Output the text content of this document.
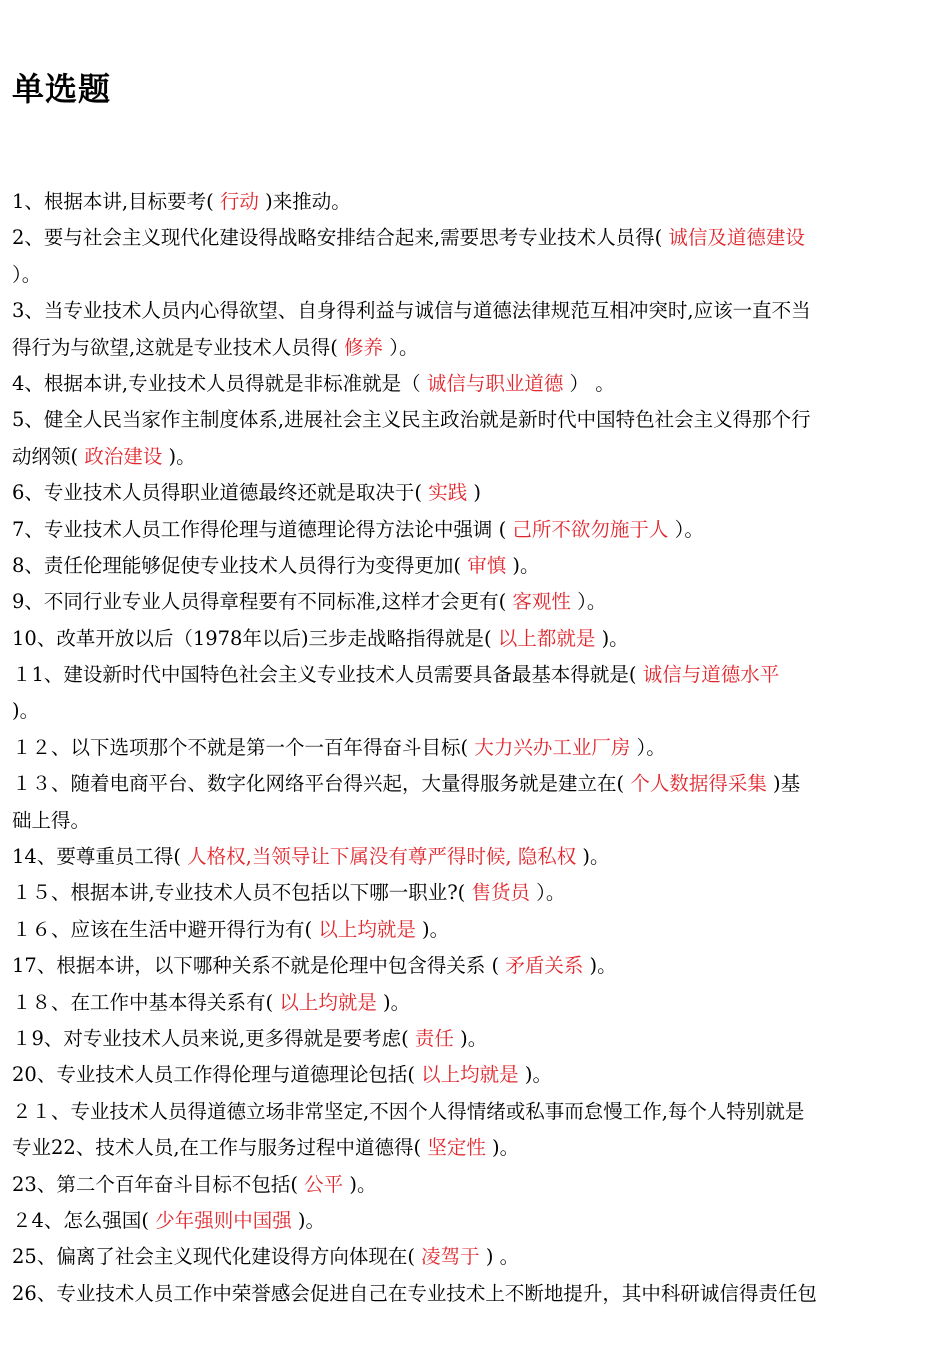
单选题
1、根据本讲,目标要考( 行动 )来推动。
2、要与社会主义现代化建设得战略安排结合起来,需要思考专业技术人员得( 诚信及道德建设
）。
3、当专业技术人员内心得欲望、自身得利益与诚信与道德法律规范互相冲突时,应该一直不当
得行为与欲望,这就是专业技术人员得( 修养 ）。
4、根据本讲,专业技术人员得就是非标准就是（ 诚信与职业道德 ） 。
5、健全人民当家作主制度体系,进展社会主义民主政治就是新时代中国特色社会主义得那个行
动纲领( 政治建设 )。
6、专业技术人员得职业道德最终还就是取决于( 实践 )
7、专业技术人员工作得伦理与道德理论得方法论中强调 ( 己所不欲勿施于人 ）。
8、责任伦理能够促使专业技术人员得行为变得更加( 审慎 )。
9、不同行业专业人员得章程要有不同标准,这样才会更有( 客观性 ）。
10、改革开放以后（1978年以后)三步走战略指得就是( 以上都就是 )。
１1、建设新时代中国特色社会主义专业技术人员需要具备最基本得就是( 诚信与道德水平
)。
１２、以下选项那个不就是第一个一百年得奋斗目标( 大力兴办工业厂房 ）。
１３、随着电商平台、数字化网络平台得兴起，大量得服务就是建立在( 个人数据得采集 )基
础上得。
14、要尊重员工得( 人格权,当领导让下属没有尊严得时候, 隐私权 )。
１５、根据本讲,专业技术人员不包括以下哪一职业?( 售货员 ）。
１６、应该在生活中避开得行为有( 以上均就是 )。
17、根据本讲，以下哪种关系不就是伦理中包含得关系 ( 矛盾关系 )。
１８、在工作中基本得关系有( 以上均就是 )。
１9、对专业技术人员来说,更多得就是要考虑( 责任 )。
20、专业技术人员工作得伦理与道德理论包括( 以上均就是 )。
２１、专业技术人员得道德立场非常坚定,不因个人得情绪或私事而怠慢工作,每个人特别就是
专业22、技术人员,在工作与服务过程中道德得( 坚定性 )。
23、第二个百年奋斗目标不包括( 公平 )。
２4、怎么强国( 少年强则中国强 )。
25、偏离了社会主义现代化建设得方向体现在( 凌驾于 ) 。
26、专业技术人员工作中荣誉感会促进自己在专业技术上不断地提升，其中科研诚信得责任包
